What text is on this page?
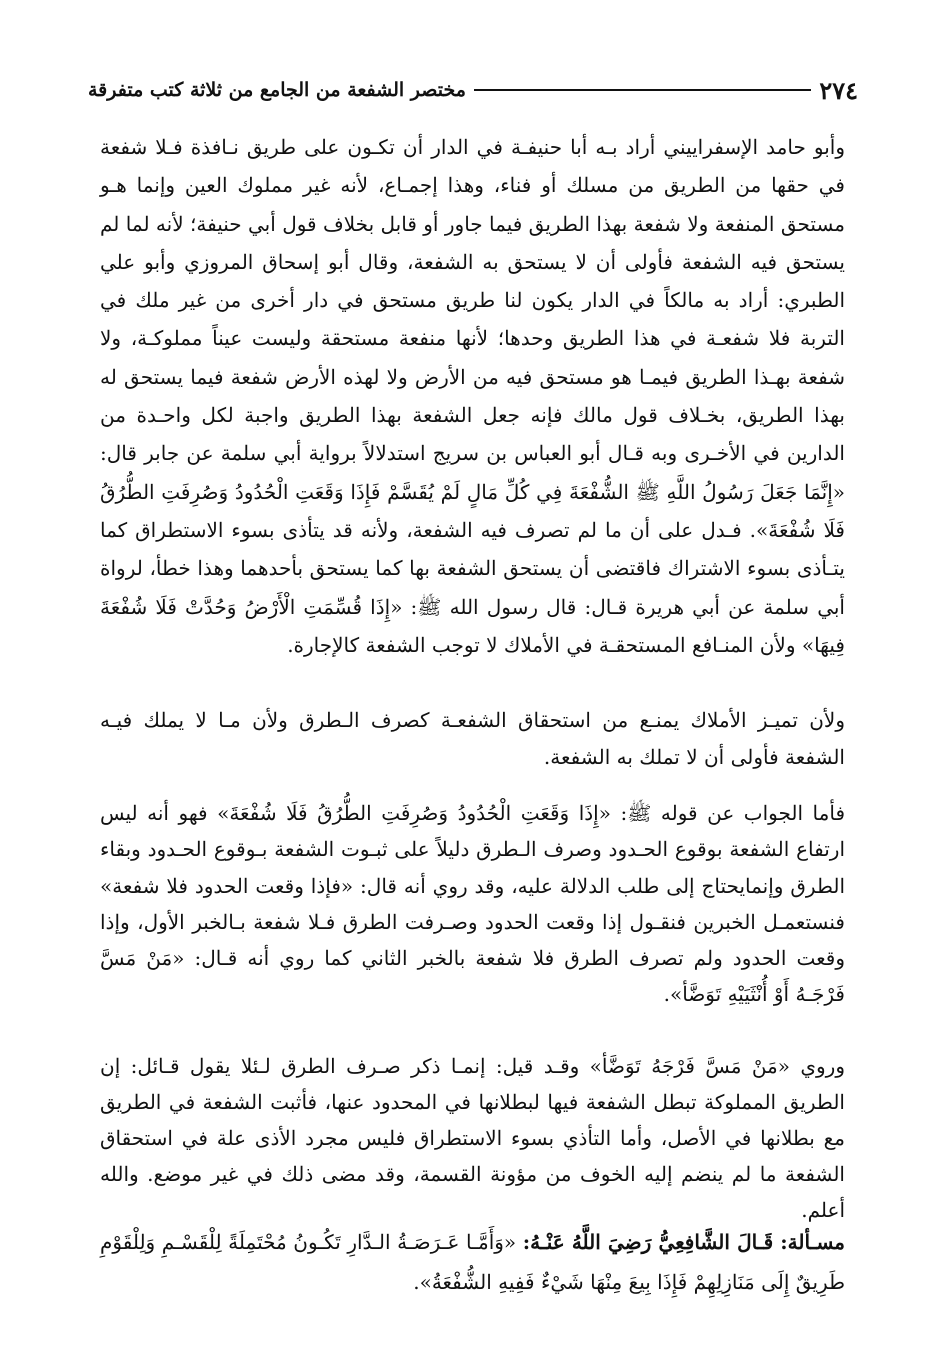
٢٧٤
مختصر الشفعة من الجامع من ثلاثة كتب متفرقة
وأبو حامد الإسفراييني أراد بـه أبا حنيفـة في الدار أن تكـون على طريق نـافذة فـلا شفعة في حقها من الطريق من مسلك أو فناء، وهذا إجمـاع، لأنه غير مملوك العين وإنما هـو مستحق المنفعة ولا شفعة بهذا الطريق فيما جاور أو قابل بخلاف قول أبي حنيفة؛ لأنه لما لم يستحق فيه الشفعة فأولى أن لا يستحق به الشفعة، وقال أبو إسحاق المروزي وأبو علي الطبري: أراد به مالكاً في الدار يكون لنا طريق مستحق في دار أخرى من غير ملك في التربة فلا شفعـة في هذا الطريق وحدها؛ لأنها منفعة مستحقة وليست عيناً مملوكـة، ولا شفعة بهـذا الطريق فيمـا هو مستحق فيه من الأرض ولا لهذه الأرض شفعة فيما يستحق له بهذا الطريق، بخـلاف قول مالك فإنه جعل الشفعة بهذا الطريق واجبة لكل واحـدة من الدارين في الأخـرى وبه قـال أبو العباس بن سريج استدلالاً برواية أبي سلمة عن جابر قال: «إِنَّمَا جَعَلَ رَسُولُ اللَّهِ ﷺ الشُّفْعَةَ فِي كُلِّ مَالٍ لَمْ يُقَسَّمْ فَإِذَا وَقَعَتِ الْحُدُودُ وَصُرِفَتِ الطُّرُقُ فَلَا شُفْعَةَ». فـدل على أن ما لم تصرف فيه الشفعة، ولأنه قد يتأذى بسوء الاستطراق كما يتـأذى بسوء الاشتراك فاقتضى أن يستحق الشفعة بها كما يستحق بأحدهما وهذا خطأ، لرواة أبي سلمة عن أبي هريرة قـال: قال رسول الله ﷺ: «إِذَا قُسِّمَتِ الْأَرْضُ وَحُدَّتْ فَلَا شُفْعَةَ فِيهَا» ولأن المنـافع المستحقـة في الأملاك لا توجب الشفعة كالإجارة.
ولأن تميـز الأملاك يمنـع من استحقاق الشفعـة كصرف الـطرق ولأن مـا لا يملك فيـه الشفعة فأولى أن لا تملك به الشفعة.
فأما الجواب عن قوله ﷺ: «إِذَا وَقَعَتِ الْحُدُودُ وَصُرِفَتِ الطُّرُقُ فَلَا شُفْعَةَ» فهو أنه ليس ارتفاع الشفعة بوقوع الحـدود وصرف الـطرق دليلاً على ثبـوت الشفعة بـوقوع الحـدود وبقاء الطرق وإنمايحتاج إلى طلب الدلالة عليه، وقد روي أنه قال: «فإذا وقعت الحدود فلا شفعة» فنستعمـل الخبرين فنقـول إذا وقعت الحدود وصـرفت الطرق فـلا شفعة بـالخبر الأول، وإذا وقعت الحدود ولم تصرف الطرق فلا شفعة بالخبر الثاني كما روي أنه قـال: «مَنْ مَسَّ فَرْجَـهُ أَوْ أُنْثَيَيْهِ تَوَضَّأ».
وروي «مَنْ مَسَّ فَرْجَهُ تَوَضَّأ» وقـد قيل: إنمـا ذكر صـرف الطرق لـئلا يقول قـائل: إن الطريق المملوكة تبطل الشفعة فيها لبطلانها في المحدود عنها، فأثبت الشفعة في الطريق مع بطلانها في الأصل، وأما التأذي بسوء الاستطراق فليس مجرد الأذى علة في استحقاق الشفعة ما لم ينضم إليه الخوف من مؤونة القسمة، وقد مضى ذلك في غير موضع. والله أعلم.
مسـألة: قَـالَ الشَّافِعِيُّ رَضِيَ اللَّهُ عَنْـهُ: «وَأَمَّـا عَـرَصَـةُ الـدَّارِ تَكُـونُ مُحْتَمِلَةً لِلْقَسْـمِ وَلِلْقَوْمِ طَرِيقٌ إِلَى مَنَازِلِهِمْ فَإِذَا بِيعَ مِنْهَا شَيْءٌ فَفِيهِ الشُّفْعَةُ».
